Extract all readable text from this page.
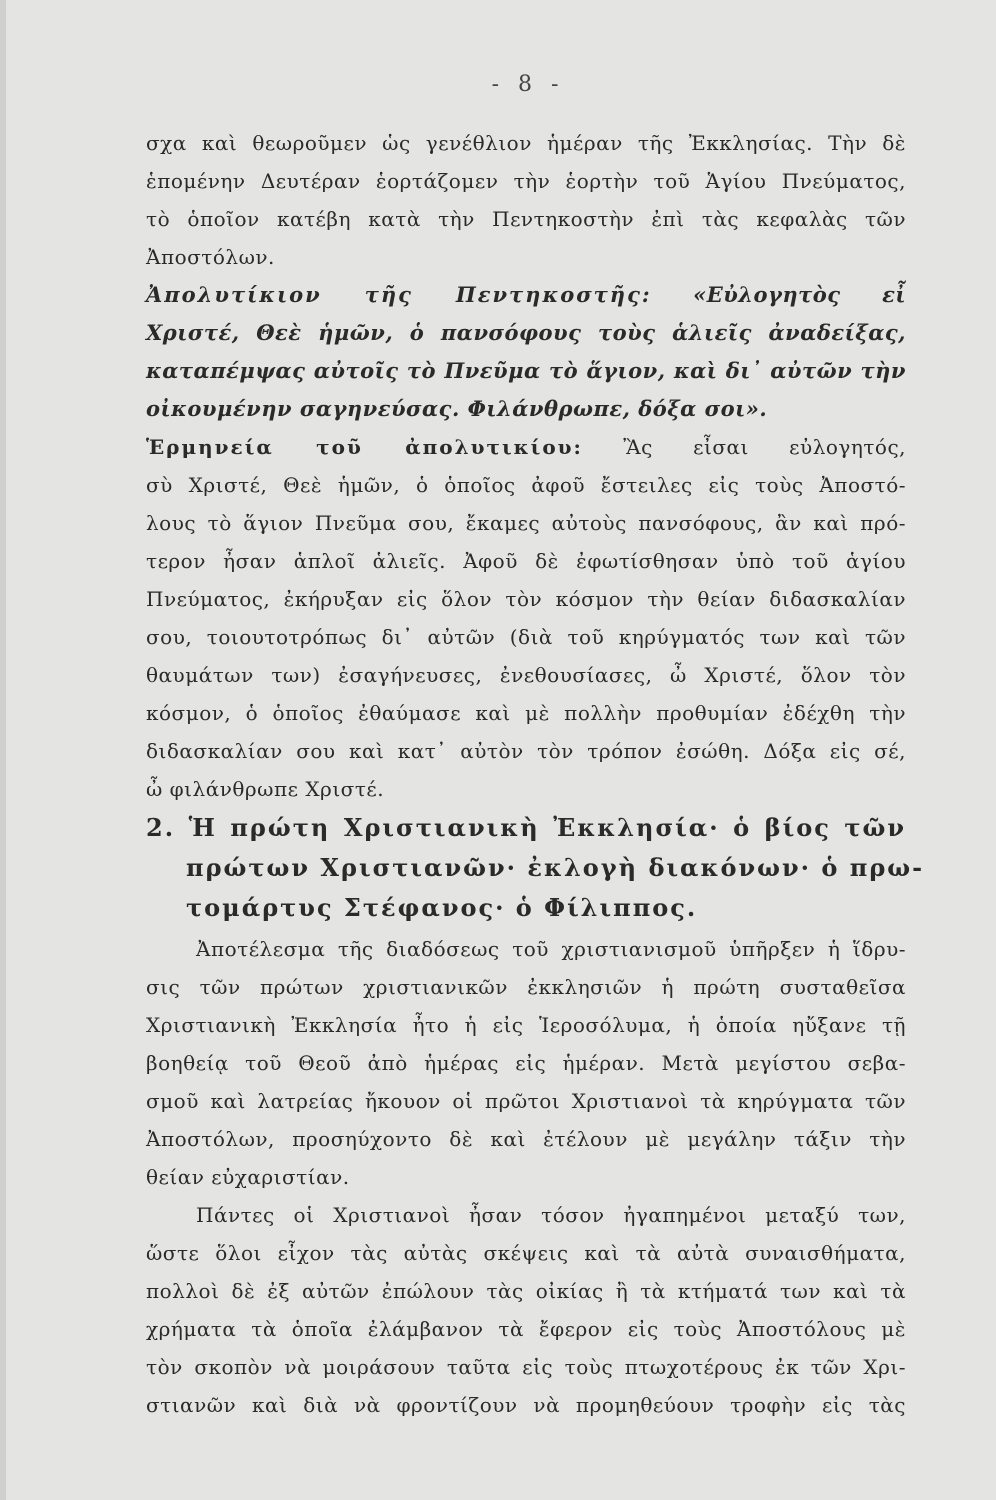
- 8 -
σχα καὶ θεωροῦμεν ὡς γενέθλιον ἡμέραν τῆς Ἐκκλησίας. Τὴν δὲ
ἑπομένην Δευτέραν ἑορτάζομεν τὴν ἑορτὴν τοῦ Ἁγίου Πνεύματος,
τὸ ὁποῖον κατέβη κατὰ τὴν Πεντηκοστὴν ἐπὶ τὰς κεφαλὰς τῶν
Ἀποστόλων.
Ἀπολυτίκιον τῆς Πεντηκοστῆς: «Εὐλογητὸς εἶ
Χριστέ, Θεὲ ἡμῶν, ὁ πανσόφους τοὺς ἁλιεῖς ἀναδείξας,
καταπέμψας αὐτοῖς τὸ Πνεῦμα τὸ ἅγιον, καὶ δι᾿ αὐτῶν τὴν
οἰκουμένην σαγηνεύσας. Φιλάνθρωπε, δόξα σοι».
Ἑρμηνεία τοῦ ἀπολυτικίου: Ἂς εἶσαι εὐλογητός,
σὺ Χριστέ, Θεὲ ἡμῶν, ὁ ὁποῖος ἀφοῦ ἔστειλες εἰς τοὺς Ἀποστό-
λους τὸ ἅγιον Πνεῦμα σου, ἔκαμες αὐτοὺς πανσόφους, ἂν καὶ πρό-
τερον ἦσαν ἁπλοῖ ἁλιεῖς. Ἀφοῦ δὲ ἐφωτίσθησαν ὑπὸ τοῦ ἁγίου
Πνεύματος, ἐκήρυξαν εἰς ὅλον τὸν κόσμον τὴν θείαν διδασκαλίαν
σου, τοιουτοτρόπως δι᾿ αὐτῶν (διὰ τοῦ κηρύγματός των καὶ τῶν
θαυμάτων των) ἐσαγήνευσες, ἐνεθουσίασες, ὦ Χριστέ, ὅλον τὸν
κόσμον, ὁ ὁποῖος ἐθαύμασε καὶ μὲ πολλὴν προθυμίαν ἐδέχθη τὴν
διδασκαλίαν σου καὶ κατ᾿ αὐτὸν τὸν τρόπον ἐσώθη. Δόξα εἰς σέ,
ὦ φιλάνθρωπε Χριστέ.
2. Ἡ πρώτη Χριστιανικὴ Ἐκκλησία· ὁ βίος τῶν
πρώτων Χριστιανῶν· ἐκλογὴ διακόνων· ὁ πρω-
τομάρτυς Στέφανος· ὁ Φίλιππος.
Ἀποτέλεσμα τῆς διαδόσεως τοῦ χριστιανισμοῦ ὑπῆρξεν ἡ ἵδρυ-
σις τῶν πρώτων χριστιανικῶν ἐκκλησιῶν ἡ πρώτη συσταθεῖσα
Χριστιανικὴ Ἐκκλησία ἦτο ἡ εἰς Ἱεροσόλυμα, ἡ ὁποία ηὔξανε τῇ
βοηθείᾳ τοῦ Θεοῦ ἀπὸ ἡμέρας εἰς ἡμέραν. Μετὰ μεγίστου σεβα-
σμοῦ καὶ λατρείας ἤκουον οἱ πρῶτοι Χριστιανοὶ τὰ κηρύγματα τῶν
Ἀποστόλων, προσηύχοντο δὲ καὶ ἐτέλουν μὲ μεγάλην τάξιν τὴν
θείαν εὐχαριστίαν.
Πάντες οἱ Χριστιανοὶ ἦσαν τόσον ἠγαπημένοι μεταξύ των,
ὥστε ὅλοι εἶχον τὰς αὐτὰς σκέψεις καὶ τὰ αὐτὰ συναισθήματα,
πολλοὶ δὲ ἐξ αὐτῶν ἐπώλουν τὰς οἰκίας ἢ τὰ κτήματά των καὶ τὰ
χρήματα τὰ ὁποῖα ἐλάμβανον τὰ ἔφερον εἰς τοὺς Ἀποστόλους μὲ
τὸν σκοπὸν νὰ μοιράσουν ταῦτα εἰς τοὺς πτωχοτέρους ἐκ τῶν Χρι-
στιανῶν καὶ διὰ νὰ φροντίζουν νὰ προμηθεύουν τροφὴν εἰς τὰς
